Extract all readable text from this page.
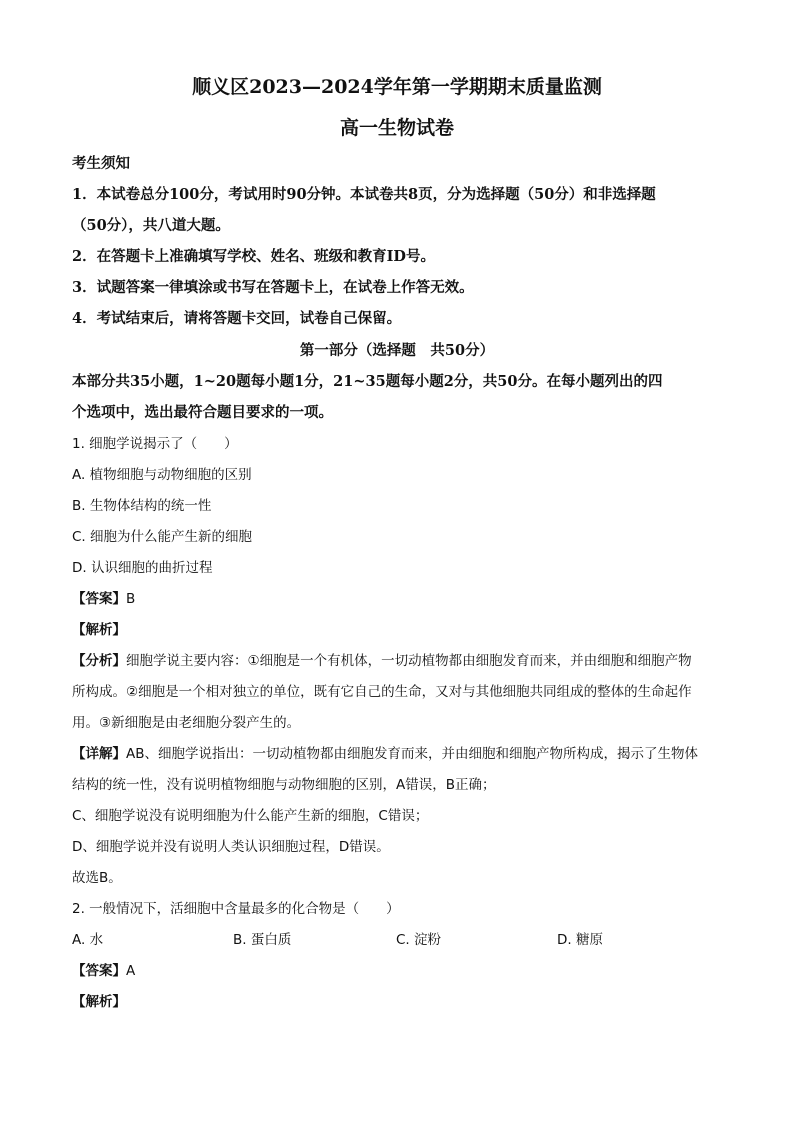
顺义区2023—2024学年第一学期期末质量监测
高一生物试卷
考生须知
1．本试卷总分100分，考试用时90分钟。本试卷共8页，分为选择题（50分）和非选择题
（50分），共八道大题。
2．在答题卡上准确填写学校、姓名、班级和教育ID号。
3．试题答案一律填涂或书写在答题卡上，在试卷上作答无效。
4．考试结束后，请将答题卡交回，试卷自己保留。
第一部分（选择题　共50分）
本部分共35小题，1~20题每小题1分，21~35题每小题2分，共50分。在每小题列出的四
个选项中，选出最符合题目要求的一项。
1. 细胞学说揭示了（　　）
A. 植物细胞与动物细胞的区别
B. 生物体结构的统一性
C. 细胞为什么能产生新的细胞
D. 认识细胞的曲折过程
【答案】B
【解析】
【分析】细胞学说主要内容：①细胞是一个有机体，一切动植物都由细胞发育而来，并由细胞和细胞产物
所构成。②细胞是一个相对独立的单位，既有它自己的生命，又对与其他细胞共同组成的整体的生命起作
用。③新细胞是由老细胞分裂产生的。
【详解】AB、细胞学说指出：一切动植物都由细胞发育而来，并由细胞和细胞产物所构成，揭示了生物体
结构的统一性，没有说明植物细胞与动物细胞的区别，A错误，B正确；
C、细胞学说没有说明细胞为什么能产生新的细胞，C错误；
D、细胞学说并没有说明人类认识细胞过程，D错误。
故选B。
2. 一般情况下，活细胞中含量最多的化合物是（　　）
A. 水	B. 蛋白质	C. 淀粉	D. 糖原
【答案】A
【解析】
